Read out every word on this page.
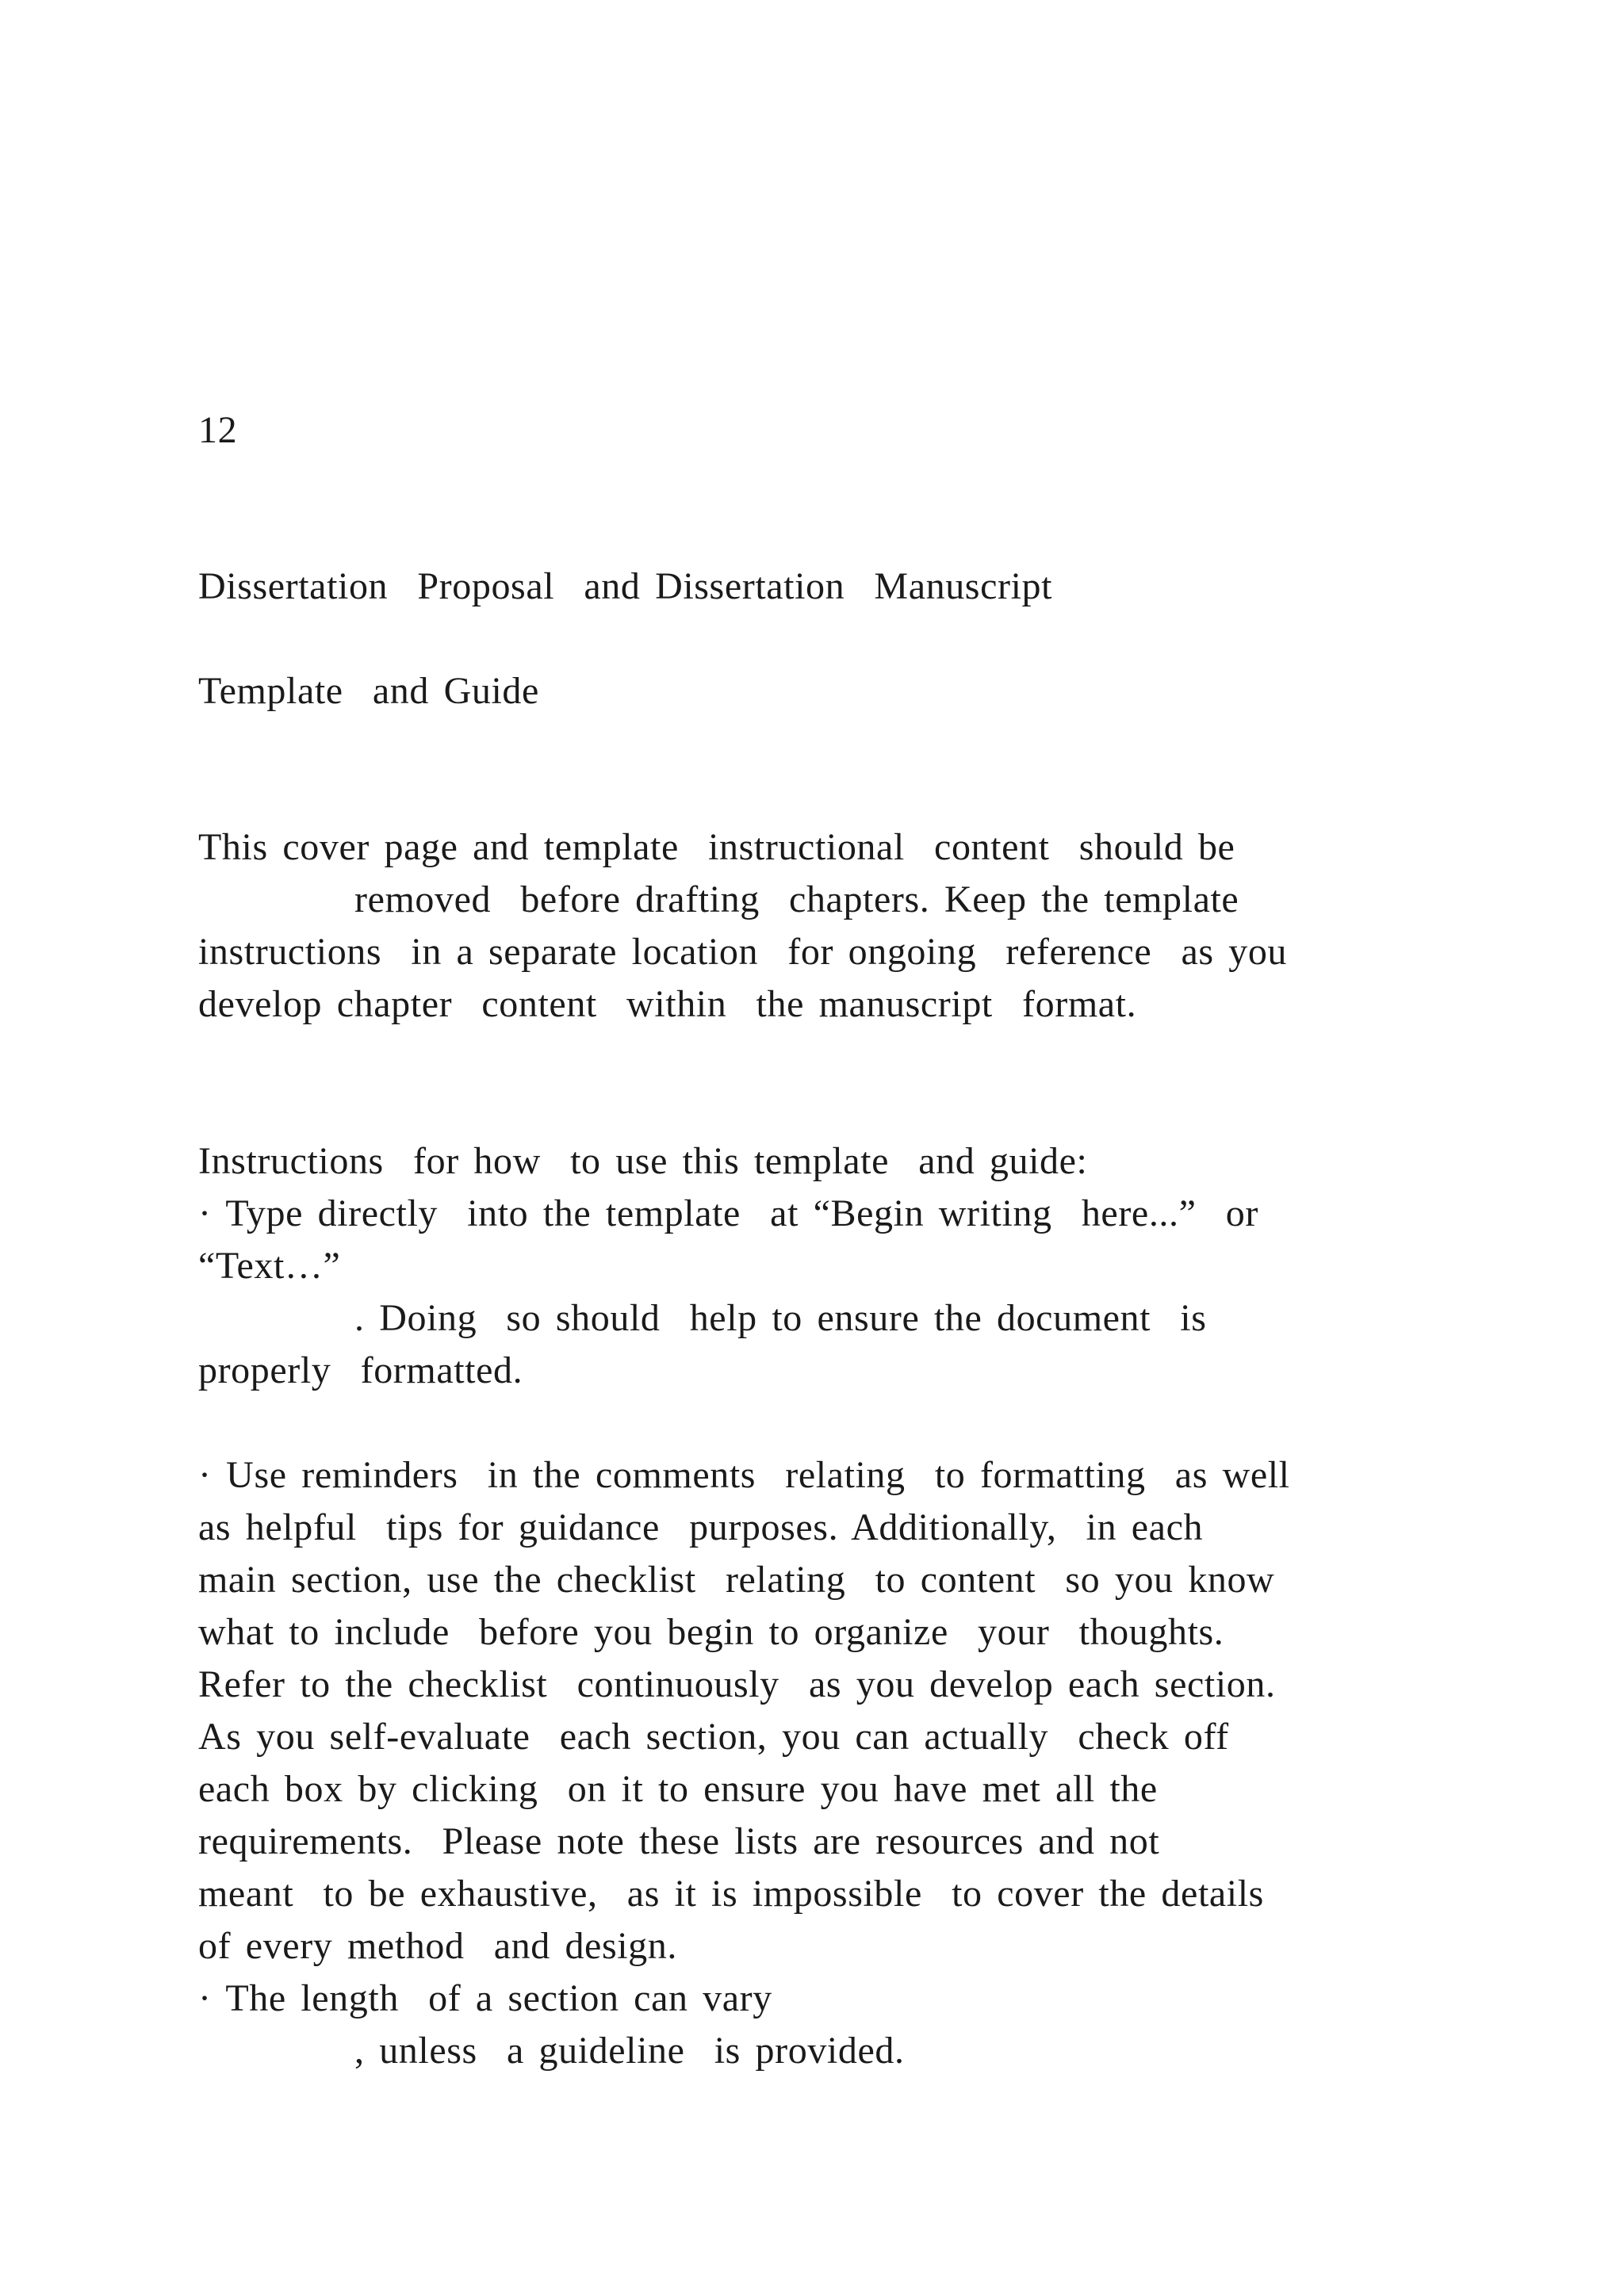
12
Dissertation  Proposal  and Dissertation  Manuscript
Template  and Guide
This cover page and template  instructional  content  should be
removed  before drafting  chapters. Keep the template
instructions  in a separate location  for ongoing  reference  as you
develop chapter  content  within  the manuscript  format.
Instructions  for how  to use this template  and guide:
· Type directly  into the template  at “Begin writing  here...”  or
“Text…”
. Doing  so should  help to ensure the document  is
properly  formatted.
· Use reminders  in the comments  relating  to formatting  as well
as helpful  tips for guidance  purposes. Additionally,  in each
main section, use the checklist  relating  to content  so you know
what to include  before you begin to organize  your  thoughts.
Refer to the checklist  continuously  as you develop each section.
As you self-evaluate  each section, you can actually  check off
each box by clicking  on it to ensure you have met all the
requirements.  Please note these lists are resources and not
meant  to be exhaustive,  as it is impossible  to cover the details
of every method  and design.
· The length  of a section can vary
, unless  a guideline  is provided.
